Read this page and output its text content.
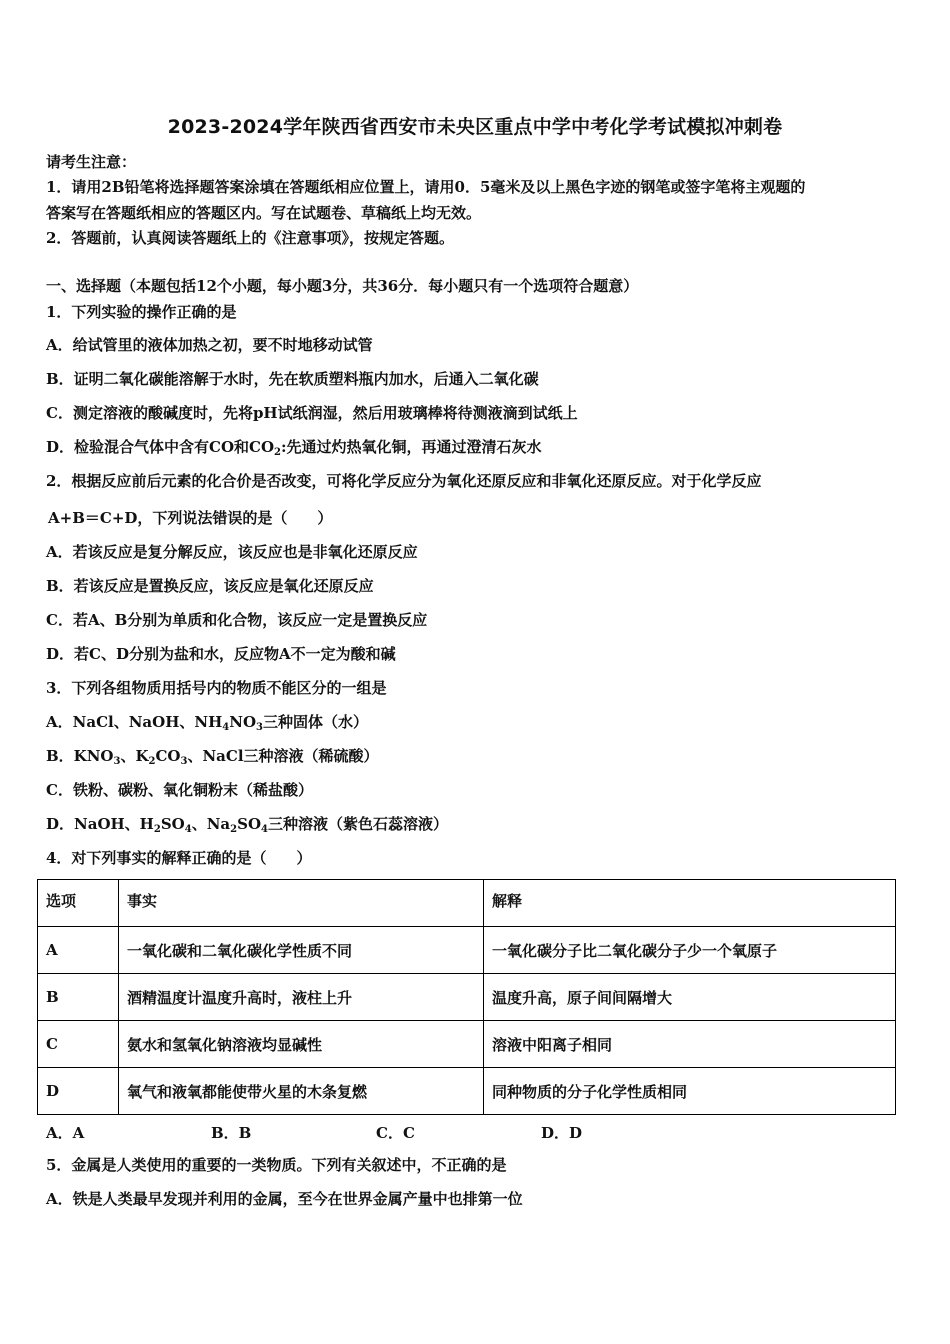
2023-2024学年陕西省西安市未央区重点中学中考化学考试模拟冲刺卷
请考生注意：
1．请用2B铅笔将选择题答案涂填在答题纸相应位置上，请用0．5毫米及以上黑色字迹的钢笔或签字笔将主观题的
答案写在答题纸相应的答题区内。写在试题卷、草稿纸上均无效。
2．答题前，认真阅读答题纸上的《注意事项》，按规定答题。
一、选择题（本题包括12个小题，每小题3分，共36分．每小题只有一个选项符合题意）
1．下列实验的操作正确的是
A．给试管里的液体加热之初，要不时地移动试管
B．证明二氧化碳能溶解于水时，先在软质塑料瓶内加水，后通入二氧化碳
C．测定溶液的酸碱度时，先将pH试纸润湿，然后用玻璃棒将待测液滴到试纸上
D．检验混合气体中含有CO和$CO_2$:先通过灼热氧化铜，再通过澄清石灰水
2．根据反应前后元素的化合价是否改变，可将化学反应分为氧化还原反应和非氧化还原反应。对于化学反应
A+B＝C+D，下列说法错误的是（　　）
A．若该反应是复分解反应，该反应也是非氧化还原反应
B．若该反应是置换反应，该反应是氧化还原反应
C．若A、B分别为单质和化合物，该反应一定是置换反应
D．若C、D分别为盐和水，反应物A不一定为酸和碱
3．下列各组物质用括号内的物质不能区分的一组是
A．NaCl、NaOH、$NH_4NO_3$三种固体（水）
B．$KNO_3$、$K_2CO_3$、NaCl三种溶液（稀硫酸）
C．铁粉、碳粉、氧化铜粉末（稀盐酸）
D．NaOH、$H_2SO_4$、$Na_2SO_4$三种溶液（紫色石蕊溶液）
4．对下列事实的解释正确的是（　　）
选项	事实	解释
A	一氧化碳和二氧化碳化学性质不同	一氧化碳分子比二氧化碳分子少一个氧原子
B	酒精温度计温度升高时，液柱上升	温度升高，原子间间隔增大
C	氨水和氢氧化钠溶液均显碱性	溶液中阳离子相同
D	氧气和液氧都能使带火星的木条复燃	同种物质的分子化学性质相同
A．A	B．B	C．C	D．D
5．金属是人类使用的重要的一类物质。下列有关叙述中，不正确的是
A．铁是人类最早发现并利用的金属，至今在世界金属产量中也排第一位
